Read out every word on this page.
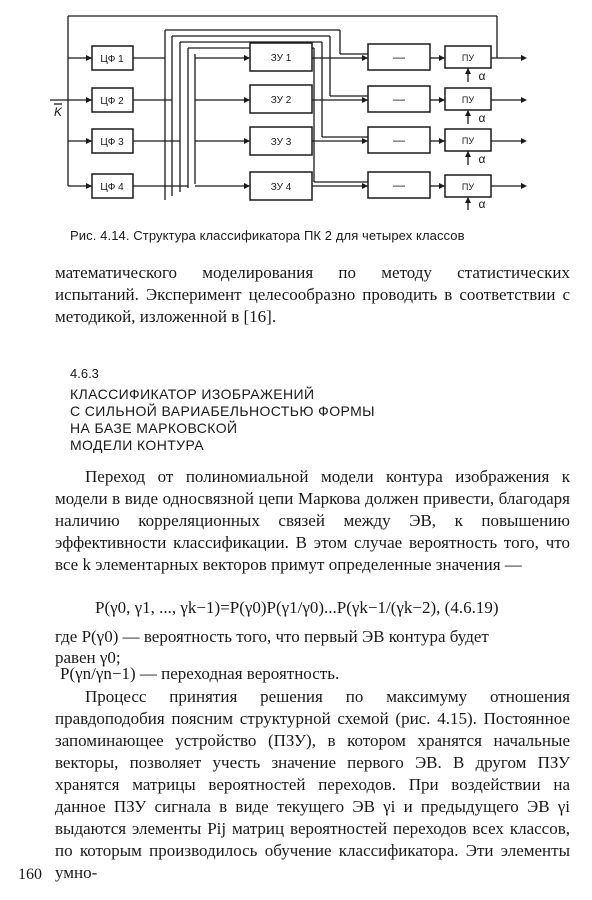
K
ЦФ 1
ЦФ 2
ЦФ 3
ЦФ 4
ЗУ 1
ЗУ 2
ЗУ 3
ЗУ 4
—
—
—
—
ПУ
ПУ
ПУ
ПУ
α
α
α
α
Рис. 4.14. Структура классификатора ПК 2 для четырех классов
математического моделирования по методу статистических испытаний. Эксперимент целесообразно проводить в соответствии с методикой, изложенной в [16].
4.6.3
КЛАССИФИКАТОР ИЗОБРАЖЕНИЙ
С СИЛЬНОЙ ВАРИАБЕЛЬНОСТЬЮ ФОРМЫ
НА БАЗЕ МАРКОВСКОЙ
МОДЕЛИ КОНТУРА
Переход от полиномиальной модели контура изображения к модели в виде односвязной цепи Маркова должен привести, благодаря наличию корреляционных связей между ЭВ, к повышению эффективности классификации. В этом случае вероятность того, что все k элементарных векторов примут определенные значения —
P(γ0, γ1, ..., γk−1)=P(γ0)P(γ1/γ0)...P(γk−1/(γk−2), (4.6.19)
где P(γ0) — вероятность того, что первый ЭВ контура будет
равен γ0;
P(γn/γn−1) — переходная вероятность.
Процесс принятия решения по максимуму отношения правдоподобия поясним структурной схемой (рис. 4.15). Постоянное запоминающее устройство (ПЗУ), в котором хранятся начальные векторы, позволяет учесть значение первого ЭВ. В другом ПЗУ хранятся матрицы вероятностей переходов. При воздействии на данное ПЗУ сигнала в виде текущего ЭВ γi и предыдущего ЭВ γi выдаются элементы Pij матриц вероятностей переходов всех классов, по которым производилось обучение классификатора. Эти элементы умно-
160
